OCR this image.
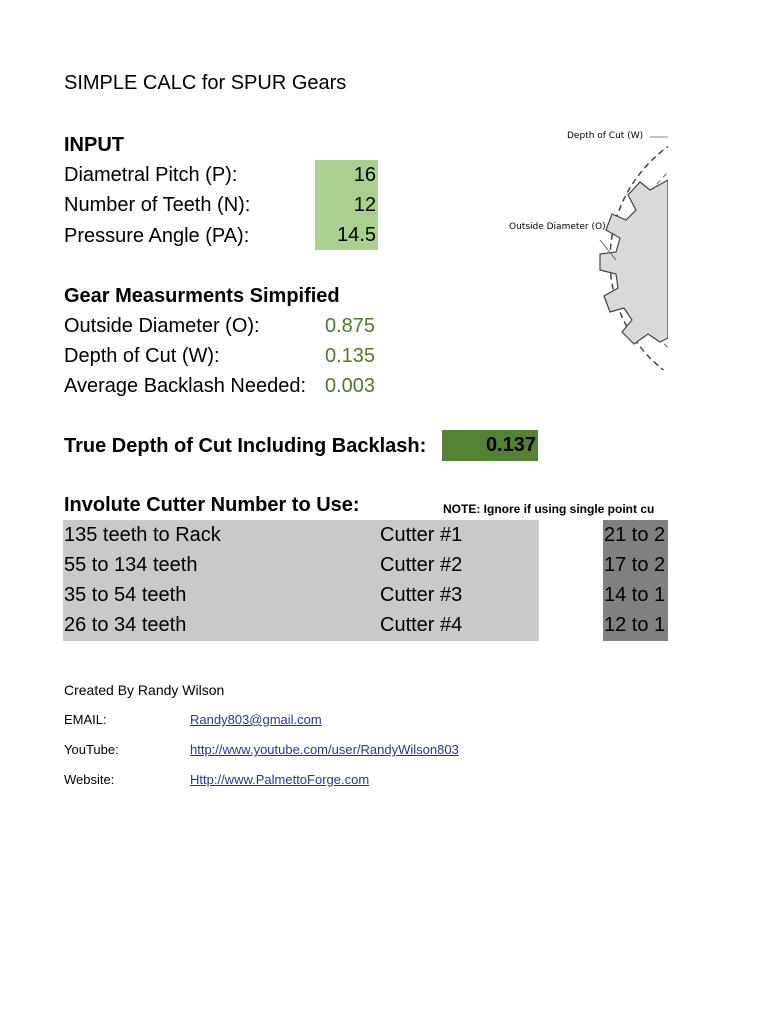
SIMPLE CALC for SPUR Gears
INPUT
Diametral Pitch (P):	16
Number of Teeth (N):	12
Pressure Angle (PA):	14.5
Gear Measurments Simpified
Outside Diameter (O):	0.875
Depth of Cut (W):	0.135
Average Backlash Needed: 0.003
True Depth of Cut Including Backlash:	0.137
Involute Cutter Number to Use:	NOTE: Ignore if using single point cu
135 teeth to Rack	Cutter #1	21 to 2
55 to 134 teeth	Cutter #2	17 to 2
35 to 54 teeth	Cutter #3	14 to 1
26 to 34 teeth	Cutter #4	12 to 1
Depth of Cut (W)
Outside Diameter (O)
Created By Randy Wilson
EMAIL:	Randy803@gmail.com
YouTube:	http://www.youtube.com/user/RandyWilson803
Website:	Http://www.PalmettoForge.com
